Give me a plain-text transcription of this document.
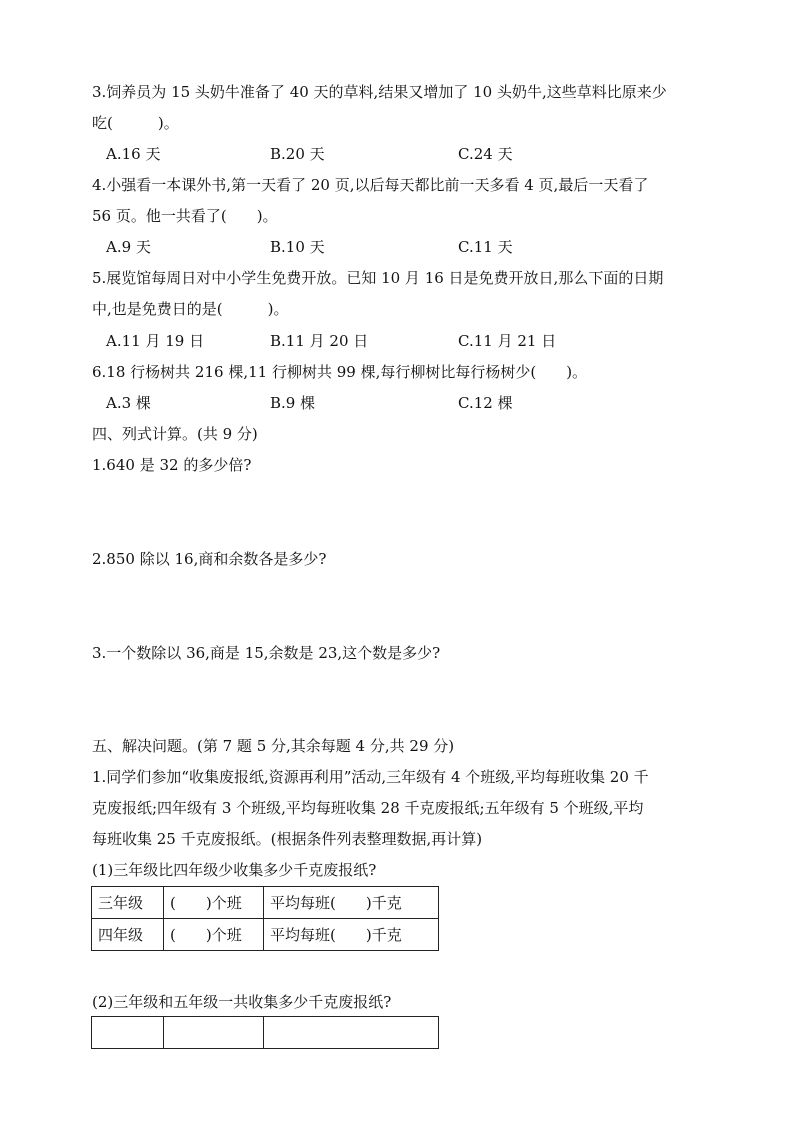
3.饲养员为 15 头奶牛准备了 40 天的草料,结果又增加了 10 头奶牛,这些草料比原来少
吃(　　　)。
A.16 天	B.20 天	C.24 天
4.小强看一本课外书,第一天看了 20 页,以后每天都比前一天多看 4 页,最后一天看了
56 页。他一共看了(　　)。
A.9 天	B.10 天	C.11 天
5.展览馆每周日对中小学生免费开放。已知 10 月 16 日是免费开放日,那么下面的日期
中,也是免费日的是(　　　)。
A.11 月 19 日	B.11 月 20 日	C.11 月 21 日
6.18 行杨树共 216 棵,11 行柳树共 99 棵,每行柳树比每行杨树少(　　)。
A.3 棵	B.9 棵	C.12 棵
四、列式计算。(共 9 分)
1.640 是 32 的多少倍?
2.850 除以 16,商和余数各是多少?
3.一个数除以 36,商是 15,余数是 23,这个数是多少?
五、解决问题。(第 7 题 5 分,其余每题 4 分,共 29 分)
1.同学们参加“收集废报纸,资源再利用”活动,三年级有 4 个班级,平均每班收集 20 千
克废报纸;四年级有 3 个班级,平均每班收集 28 千克废报纸;五年级有 5 个班级,平均
每班收集 25 千克废报纸。(根据条件列表整理数据,再计算)
(1)三年级比四年级少收集多少千克废报纸?
三年级	(　　)个班	平均每班(　　)千克
四年级	(　　)个班	平均每班(　　)千克
(2)三年级和五年级一共收集多少千克废报纸?
